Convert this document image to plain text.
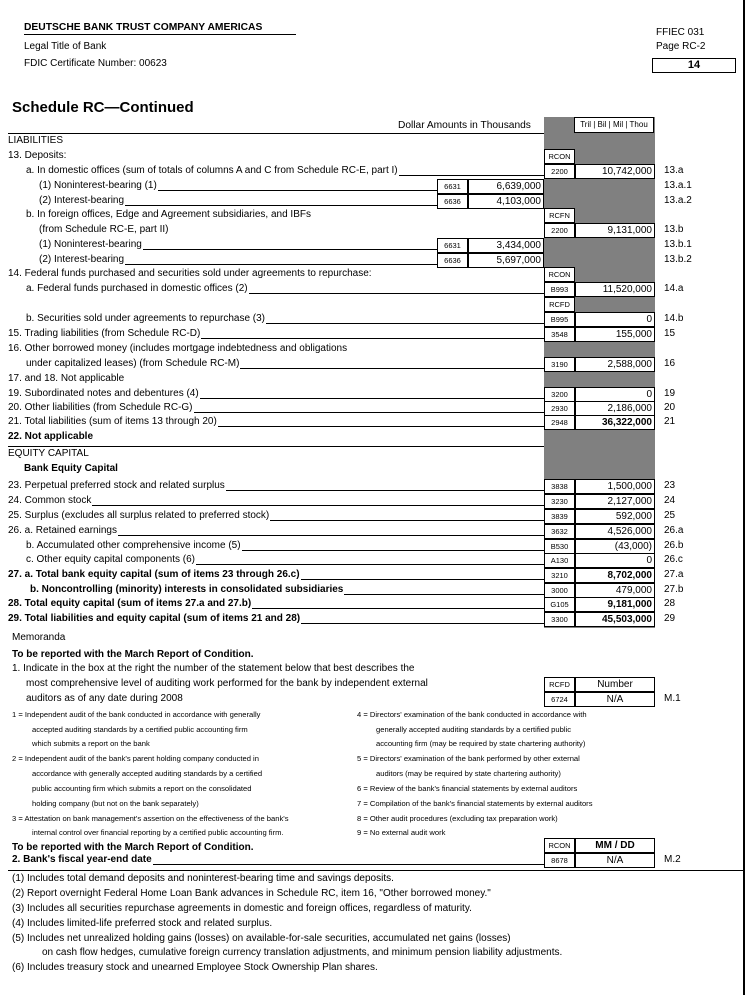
DEUTSCHE BANK TRUST COMPANY AMERICAS
Legal Title of Bank
FDIC Certificate Number: 00623
FFIEC 031
Page RC-2
14
Schedule RC—Continued
Dollar Amounts in Thousands	Tril | Bil | Mil | Thou
LIABILITIES
13. Deposits:	RCON
a. In domestic offices (sum of totals of columns A and C from Schedule RC-E, part I)	2200	10,742,000	13.a
(1) Noninterest-bearing (1)	6631	6,639,000	13.a.1
(2) Interest-bearing	6636	4,103,000	13.a.2
b. In foreign offices, Edge and Agreement subsidiaries, and IBFs	RCFN
(from Schedule RC-E, part II)	2200	9,131,000	13.b
(1) Noninterest-bearing	6631	3,434,000	13.b.1
(2) Interest-bearing	6636	5,697,000	13.b.2
14. Federal funds purchased and securities sold under agreements to repurchase:	RCON
a. Federal funds purchased in domestic offices (2)	B993	11,520,000	14.a
RCFD
b. Securities sold under agreements to repurchase (3)	B995	0	14.b
15. Trading liabilities (from Schedule RC-D)	3548	155,000	15
16. Other borrowed money (includes mortgage indebtedness and obligations
under capitalized leases) (from Schedule RC-M)	3190	2,588,000	16
17. and 18. Not applicable
19. Subordinated notes and debentures (4)	3200	0	19
20. Other liabilities (from Schedule RC-G)	2930	2,186,000	20
21. Total liabilities (sum of items 13 through 20)	2948	36,322,000	21
22. Not applicable
EQUITY CAPITAL
Bank Equity Capital
23. Perpetual preferred stock and related surplus	3838	1,500,000	23
24. Common stock	3230	2,127,000	24
25. Surplus (excludes all surplus related to preferred stock)	3839	592,000	25
26. a. Retained earnings	3632	4,526,000	26.a
b. Accumulated other comprehensive income (5)	B530	(43,000)	26.b
c. Other equity capital components (6)	A130	0	26.c
27. a. Total bank equity capital (sum of items 23 through 26.c)	3210	8,702,000	27.a
b. Noncontrolling (minority) interests in consolidated subsidiaries	3000	479,000	27.b
28. Total equity capital (sum of items 27.a and 27.b)	G105	9,181,000	28
29. Total liabilities and equity capital (sum of items 21 and 28)	3300	45,503,000	29
Memoranda
To be reported with the March Report of Condition.
1. Indicate in the box at the right the number of the statement below that best describes the
most comprehensive level of auditing work performed for the bank by independent external
auditors as of any date during 2008
RCFD	Number
6724	N/A	M.1
1 = Independent audit of the bank conducted in accordance with generally
accepted auditing standards by a certified public accounting firm
which submits a report on the bank
2 = Independent audit of the bank's parent holding company conducted in
accordance with generally accepted auditing standards by a certified
public accounting firm which submits a report on the consolidated
holding company (but not on the bank separately)
3 = Attestation on bank management's assertion on the effectiveness of the bank's
internal control over financial reporting by a certified public accounting firm.
4 = Directors' examination of the bank conducted in accordance with
generally accepted auditing standards by a certified public
accounting firm (may be required by state chartering authority)
5 = Directors' examination of the bank performed by other external
auditors (may be required by state chartering authority)
6 = Review of the bank's financial statements by external auditors
7 = Compilation of the bank's financial statements by external auditors
8 = Other audit procedures (excluding tax preparation work)
9 = No external audit work
To be reported with the March Report of Condition.	RCON	MM / DD
2. Bank's fiscal year-end date	8678	N/A	M.2
(1) Includes total demand deposits and noninterest-bearing time and savings deposits.
(2) Report overnight Federal Home Loan Bank advances in Schedule RC, item 16, "Other borrowed money."
(3) Includes all securities repurchase agreements in domestic and foreign offices, regardless of maturity.
(4) Includes limited-life preferred stock and related surplus.
(5) Includes net unrealized holding gains (losses) on available-for-sale securities, accumulated net gains (losses)
on cash flow hedges, cumulative foreign currency translation adjustments, and minimum pension liability adjustments.
(6) Includes treasury stock and unearned Employee Stock Ownership Plan shares.
